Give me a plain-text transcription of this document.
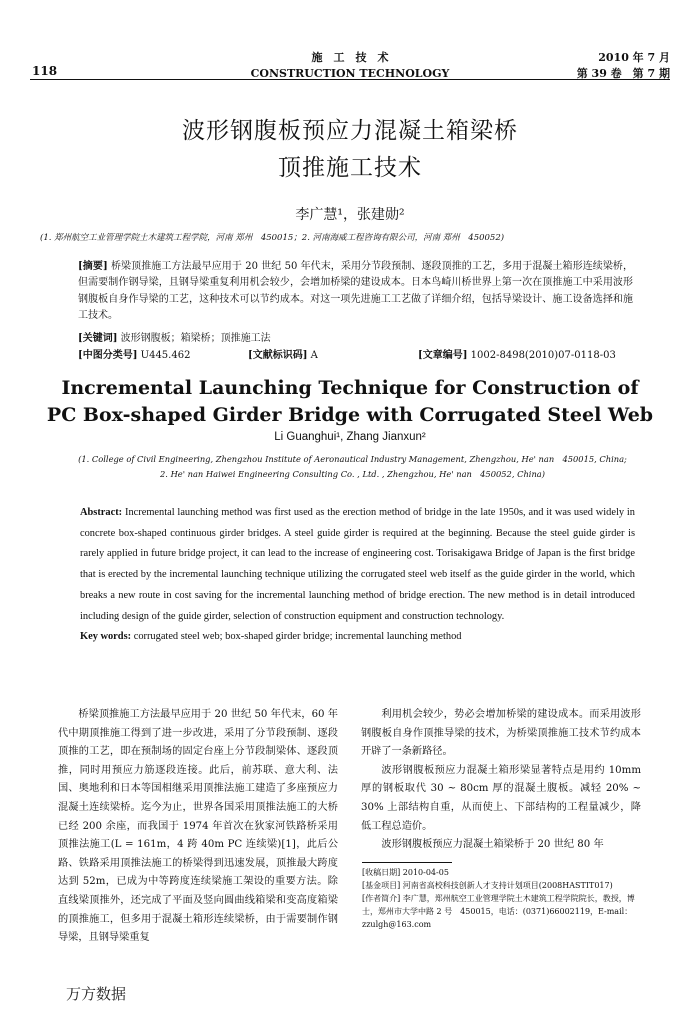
118
施　工　技　术
CONSTRUCTION TECHNOLOGY
2010 年 7 月
第 39 卷　第 7 期
波形钢腹板预应力混凝土箱梁桥
顶推施工技术
李广慧¹，张建勋²
(1. 郑州航空工业管理学院土木建筑工程学院，河南 郑州　450015；2. 河南海威工程咨询有限公司，河南 郑州　450052)
[摘要] 桥梁顶推施工方法最早应用于 20 世纪 50 年代末，采用分节段预制、逐段顶推的工艺，多用于混凝土箱形连续梁桥，但需要制作钢导梁，且钢导梁重复利用机会较少，会增加桥梁的建设成本。日本鸟崎川桥世界上第一次在顶推施工中采用波形钢腹板自身作导梁的工艺，这种技术可以节约成本。对这一项先进施工工艺做了详细介绍，包括导梁设计、施工设备选择和施工技术。
[关键词] 波形钢腹板；箱梁桥；顶推施工法
[中图分类号] U445.462	[文献标识码] A	[文章编号] 1002-8498(2010)07-0118-03
Incremental Launching Technique for Construction of
PC Box-shaped Girder Bridge with Corrugated Steel Web
Li Guanghui¹, Zhang Jianxun²
(1. College of Civil Engineering, Zhengzhou Institute of Aeronautical Industry Management, Zhengzhou, He' nan　450015, China;
2. He' nan Haiwei Engineering Consulting Co. , Ltd. , Zhengzhou, He' nan　450052, China)
Abstract: Incremental launching method was first used as the erection method of bridge in the late 1950s, and it was used widely in concrete box-shaped continuous girder bridges. A steel guide girder is required at the beginning. Because the steel guide girder is rarely applied in future bridge project, it can lead to the increase of engineering cost. Torisakigawa Bridge of Japan is the first bridge that is erected by the incremental launching technique utilizing the corrugated steel web itself as the guide girder in the world, which breaks a new route in cost saving for the incremental launching method of bridge erection. The new method is in detail introduced including design of the guide girder, selection of construction equipment and construction technology.
Key words: corrugated steel web; box-shaped girder bridge; incremental launching method

桥梁顶推施工方法最早应用于 20 世纪 50 年代末，60 年代中期顶推施工得到了进一步改进，采用了分节段预制、逐段顶推的工艺，即在预制场的固定台座上分节段制梁体、逐段顶推，同时用预应力筋逐段连接。此后，前苏联、意大利、法国、奥地利和日本等国相继采用顶推法施工建造了多座预应力混凝土连续梁桥。迄今为止，世界各国采用顶推法施工的大桥已经 200 余座，而我国于 1974 年首次在狄家河铁路桥采用顶推法施工(L = 161m，4 跨 40m PC 连续梁)[1]，此后公路、铁路采用顶推法施工的桥梁得到迅速发展，顶推最大跨度达到 52m，已成为中等跨度连续梁施工架设的重要方法。除直线梁顶推外，还完成了平面及竖向圆曲线箱梁和变高度箱梁的顶推施工，但多用于混凝土箱形连续梁桥，由于需要制作钢导梁，且钢导梁重复

利用机会较少，势必会增加桥梁的建设成本。而采用波形钢腹板自身作顶推导梁的技术，为桥梁顶推施工技术节约成本开辟了一条新路径。

波形钢腹板预应力混凝土箱形梁显著特点是用约 10mm 厚的钢板取代 30 ~ 80cm 厚的混凝土腹板。减轻 20% ~ 30% 上部结构自重，从而使上、下部结构的工程量减少，降低工程总造价。

波形钢腹板预应力混凝土箱梁桥于 20 世纪 80 年

[收稿日期] 2010-04-05
[基金项目] 河南省高校科技创新人才支持计划项目(2008HASTIT017)
[作者简介] 李广慧，郑州航空工业管理学院土木建筑工程学院院长，教授，博士，郑州市大学中路 2 号　450015，电话：(0371)66002119，E-mail：zzulgh@163.com
万方数据
